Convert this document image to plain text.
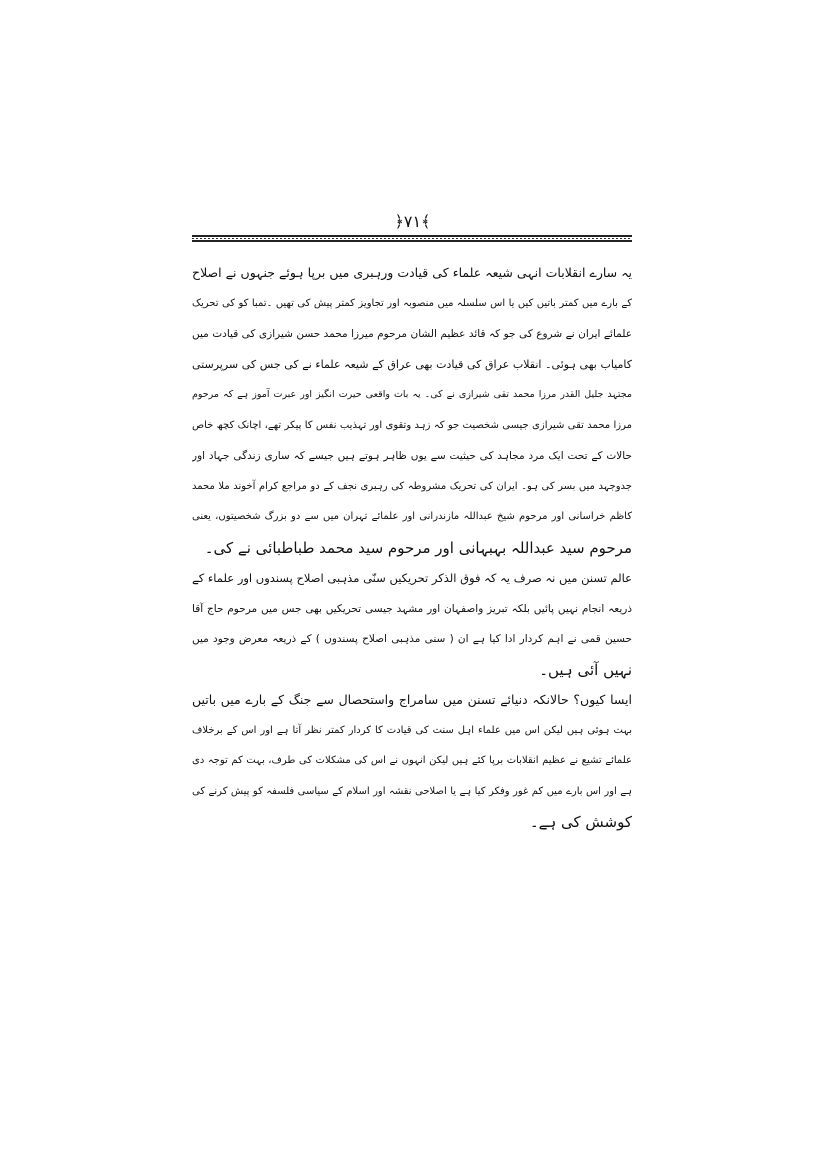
﴿۷۱﴾
یہ سارے انقلابات انہی شیعہ علماء کی قیادت ورہبری میں برپا ہوئے جنہوں نے اصلاح
کے بارے میں کمتر باتیں کیں یا اس سلسلہ میں منصوبہ اور تجاویز کمتر پیش کی تھیں ۔تمبا کو کی تحریک
علمائے ایران نے شروع کی جو کہ قائد عظیم الشان مرحوم میرزا محمد حسن شیرازی کی قیادت میں
کامیاب بھی ہوئی۔ انقلاب عراق کی قیادت بھی عراق کے شیعہ علماء نے کی جس کی سرپرستی
مجتہد جلیل القدر مرزا محمد تقی شیرازی نے کی۔ یہ بات واقعی حیرت انگیز اور عبرت آموز ہے کہ مرحوم
مرزا محمد تقی شیرازی جیسی شخصیت جو کہ زہد وتقوی اور تہذیب نفس کا پیکر تھے، اچانک کچھ خاص
حالات کے تحت ایک مرد مجاہد کی حیثیت سے یوں ظاہر ہوتے ہیں جیسے کہ ساری زندگی جہاد اور
جدوجہد میں بسر کی ہو۔ ایران کی تحریک مشروطہ کی رہبری نجف کے دو مراجع کرام آخوند ملا محمد
کاظم خراسانی اور مرحوم شیخ عبداللہ مازندرانی اور علمائے تہران میں سے دو بزرگ شخصیتوں، یعنی
مرحوم سید عبداللہ بہبہانی اور مرحوم سید محمد طباطبائی نے کی۔
عالم تسنن میں نہ صرف یہ کہ فوق الذکر تحریکیں سنّی مذہبی اصلاح پسندوں اور علماء کے
ذریعہ انجام نہیں پائیں بلکہ تبریز واصفہان اور مشہد جیسی تحریکیں بھی جس میں مرحوم حاج آقا
حسین قمی نے اہم کردار ادا کیا ہے ان ( سنی مذہبی اصلاح پسندوں ) کے ذریعہ معرض وجود میں
نہیں آئی ہیں۔
ایسا کیوں؟ حالانکہ دنیائے تسنن میں سامراج واستحصال سے جنگ کے بارے میں باتیں
بہت ہوئی ہیں لیکن اس میں علماء اہل سنت کی قیادت کا کردار کمتر نظر آتا ہے اور اس کے برخلاف
علمائے تشیع نے عظیم انقلابات برپا کئے ہیں لیکن انہوں نے اس کی مشکلات کی طرف، بہت کم توجہ دی
ہے اور اس بارے میں کم غور وفکر کیا ہے یا اصلاحی نقشہ اور اسلام کے سیاسی فلسفہ کو پیش کرنے کی
کوشش کی ہے۔
